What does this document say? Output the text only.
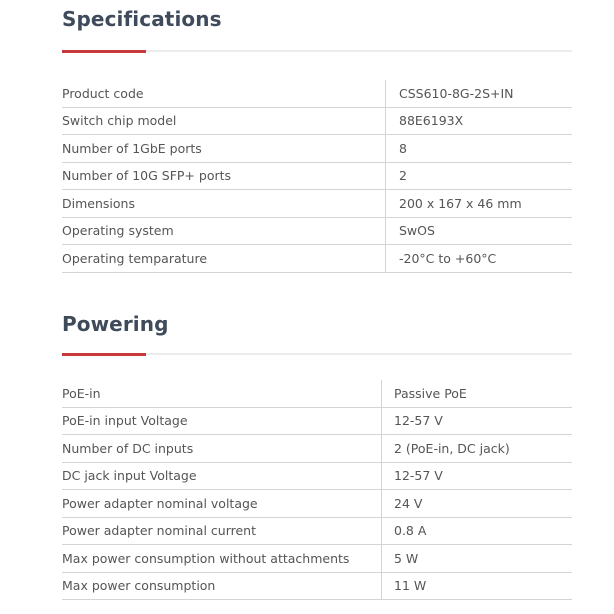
Specifications
Product code	CSS610-8G-2S+IN
Switch chip model	88E6193X
Number of 1GbE ports	8
Number of 10G SFP+ ports	2
Dimensions	200 x 167 x 46 mm
Operating system	SwOS
Operating temparature	-20°C to +60°C
Powering
PoE-in	Passive PoE
PoE-in input Voltage	12-57 V
Number of DC inputs	2 (PoE-in, DC jack)
DC jack input Voltage	12-57 V
Power adapter nominal voltage	24 V
Power adapter nominal current	0.8 A
Max power consumption without attachments	5 W
Max power consumption	11 W
